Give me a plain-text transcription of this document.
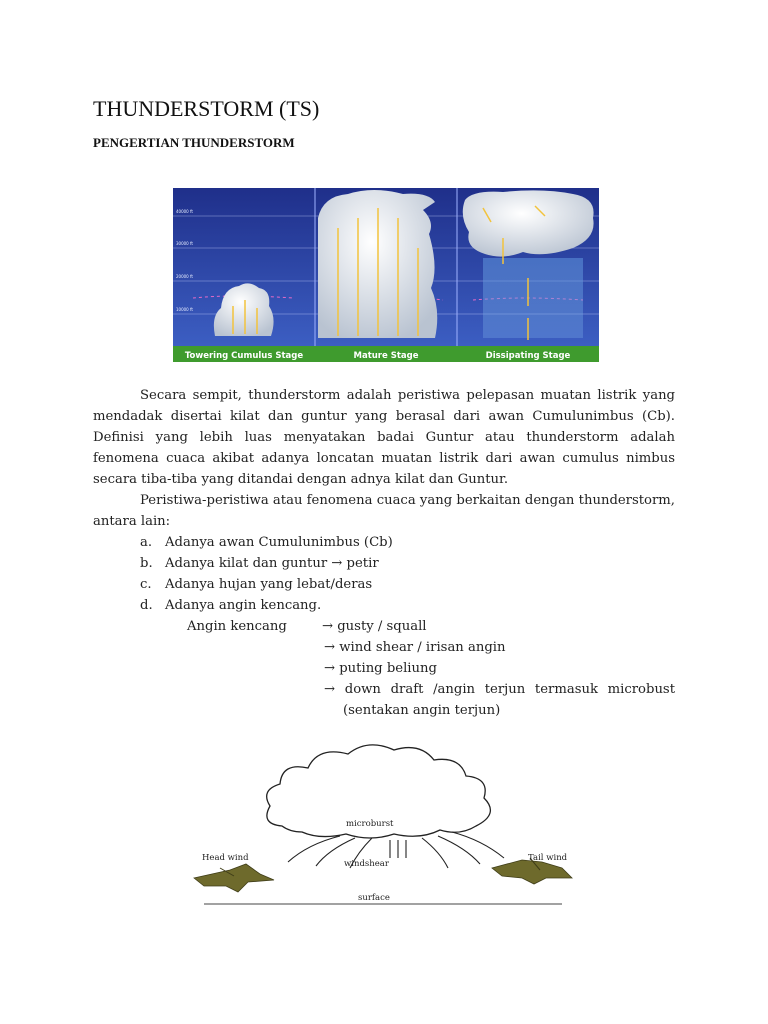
THUNDERSTORM (TS)
PENGERTIAN THUNDERSTORM
40000 ft
30000 ft
20000 ft
10000 ft
Towering Cumulus Stage	Mature Stage	Dissipating Stage

Secara sempit, thunderstorm adalah peristiwa pelepasan muatan listrik yang mendadak disertai kilat dan guntur yang berasal dari awan Cumulunimbus (Cb). Definisi yang lebih luas menyatakan badai Guntur atau thunderstorm adalah fenomena cuaca akibat adanya loncatan muatan listrik dari awan cumulus nimbus secara tiba-tiba yang ditandai dengan adnya kilat dan Guntur.

Peristiwa-peristiwa atau fenomena cuaca yang berkaitan dengan thunderstorm, antara lain:

a. Adanya awan Cumulunimbus (Cb)
b. Adanya kilat dan guntur → petir
c. Adanya hujan yang lebat/deras
d. Adanya angin kencang.
Angin kencang	→ gusty / squall
→ wind shear / irisan angin
→ puting beliung
→ down draft /angin terjun termasuk microbust
(sentakan angin terjun)
microburst
windshear
Head wind	Tail wind
surface
